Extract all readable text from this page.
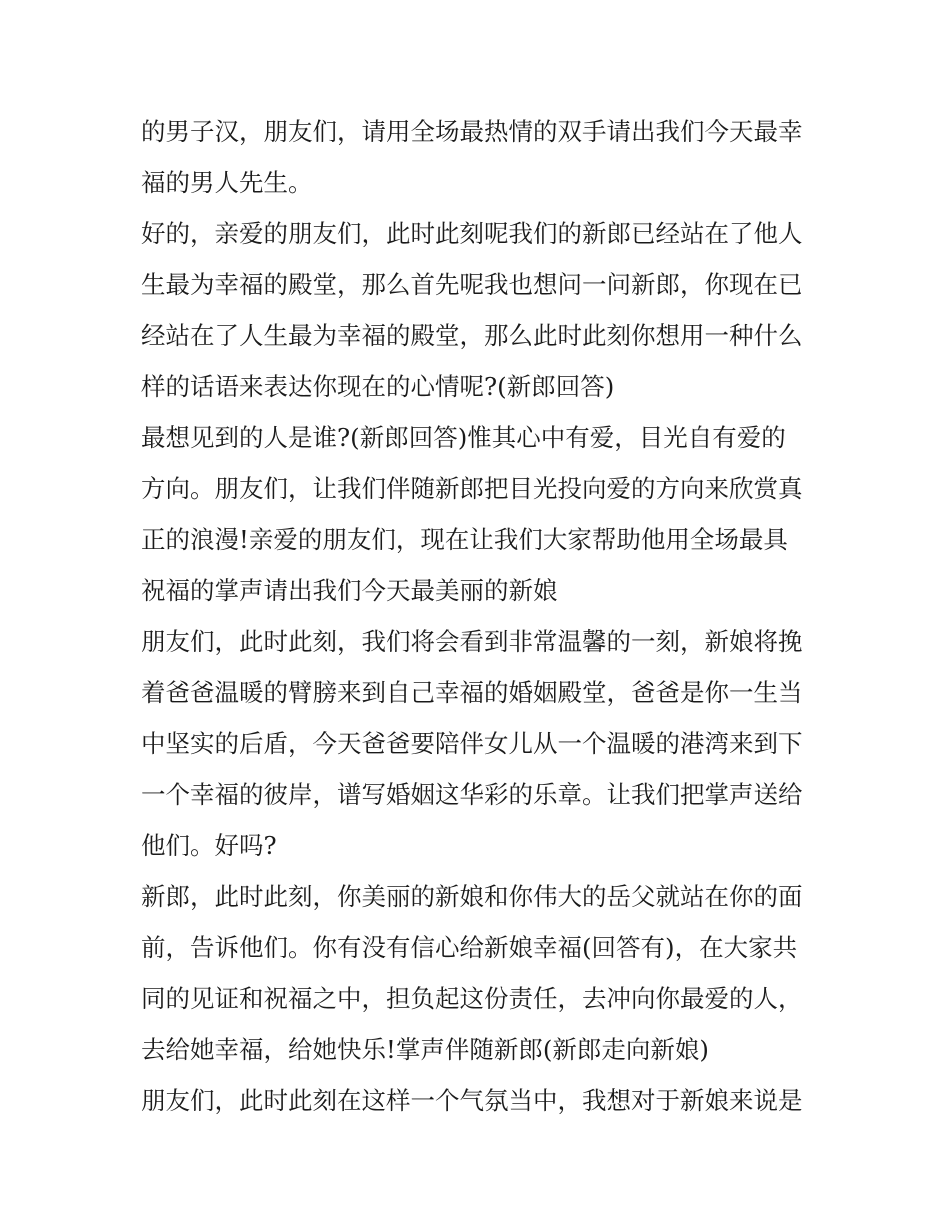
的男子汉，朋友们，请用全场最热情的双手请出我们今天最幸
福的男人先生。
好的，亲爱的朋友们，此时此刻呢我们的新郎已经站在了他人
生最为幸福的殿堂，那么首先呢我也想问一问新郎，你现在已
经站在了人生最为幸福的殿堂，那么此时此刻你想用一种什么
样的话语来表达你现在的心情呢?(新郎回答)
最想见到的人是谁?(新郎回答)惟其心中有爱，目光自有爱的
方向。朋友们，让我们伴随新郎把目光投向爱的方向来欣赏真
正的浪漫!亲爱的朋友们，现在让我们大家帮助他用全场最具
祝福的掌声请出我们今天最美丽的新娘
朋友们，此时此刻，我们将会看到非常温馨的一刻，新娘将挽
着爸爸温暖的臂膀来到自己幸福的婚姻殿堂，爸爸是你一生当
中坚实的后盾，今天爸爸要陪伴女儿从一个温暖的港湾来到下
一个幸福的彼岸，谱写婚姻这华彩的乐章。让我们把掌声送给
他们。好吗?
新郎，此时此刻，你美丽的新娘和你伟大的岳父就站在你的面
前，告诉他们。你有没有信心给新娘幸福(回答有)，在大家共
同的见证和祝福之中，担负起这份责任，去冲向你最爱的人，
去给她幸福，给她快乐!掌声伴随新郎(新郎走向新娘)
朋友们，此时此刻在这样一个气氛当中，我想对于新娘来说是
